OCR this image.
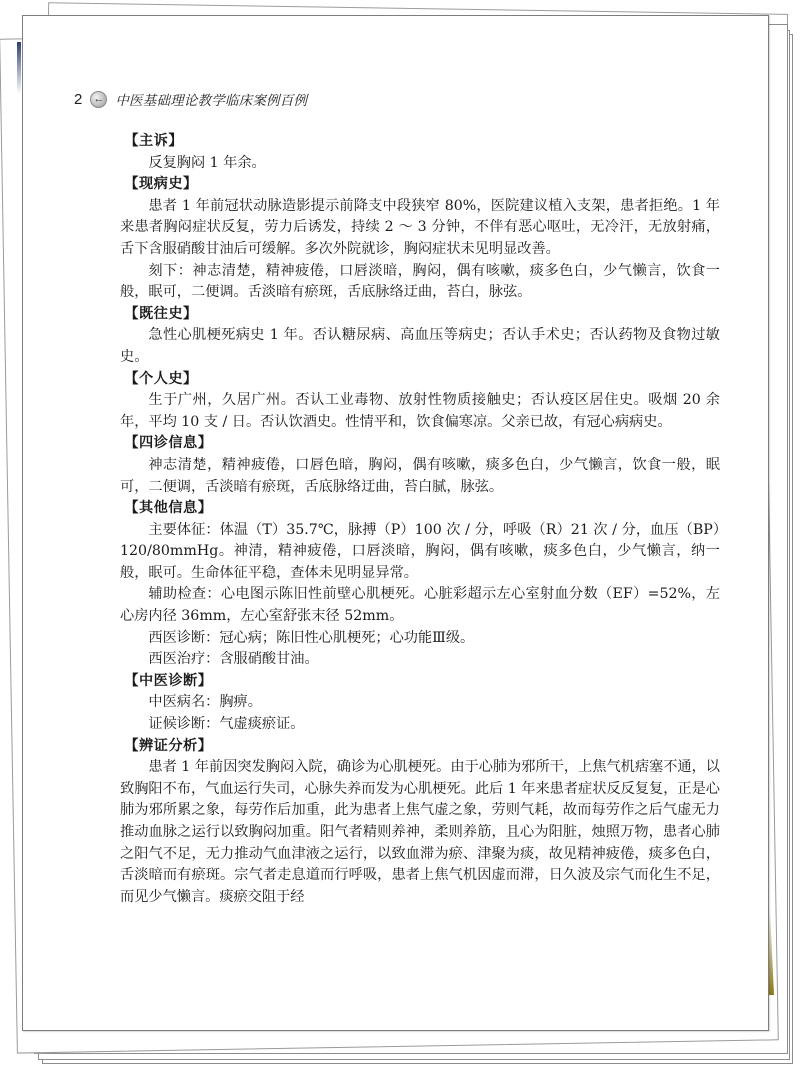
2 ← 中医基础理论教学临床案例百例
【主诉】

反复胸闷 1 年余。

【现病史】

患者 1 年前冠状动脉造影提示前降支中段狭窄 80%，医院建议植入支架，患者拒绝。1 年来患者胸闷症状反复，劳力后诱发，持续 2 ～ 3 分钟，不伴有恶心呕吐，无冷汗，无放射痛，舌下含服硝酸甘油后可缓解。多次外院就诊，胸闷症状未见明显改善。

刻下：神志清楚，精神疲倦，口唇淡暗，胸闷，偶有咳嗽，痰多色白，少气懒言，饮食一般，眠可，二便调。舌淡暗有瘀斑，舌底脉络迂曲，苔白，脉弦。

【既往史】

急性心肌梗死病史 1 年。否认糖尿病、高血压等病史；否认手术史；否认药物及食物过敏史。

【个人史】

生于广州，久居广州。否认工业毒物、放射性物质接触史；否认疫区居住史。吸烟 20 余年，平均 10 支 / 日。否认饮酒史。性情平和，饮食偏寒凉。父亲已故，有冠心病病史。

【四诊信息】

神志清楚，精神疲倦，口唇色暗，胸闷，偶有咳嗽，痰多色白，少气懒言，饮食一般，眠可，二便调，舌淡暗有瘀斑，舌底脉络迂曲，苔白腻，脉弦。

【其他信息】

主要体征：体温（T）35.7℃，脉搏（P）100 次 / 分，呼吸（R）21 次 / 分，血压（BP）120/80mmHg。神清，精神疲倦，口唇淡暗，胸闷，偶有咳嗽，痰多色白，少气懒言，纳一般，眠可。生命体征平稳，查体未见明显异常。

辅助检查：心电图示陈旧性前壁心肌梗死。心脏彩超示左心室射血分数（EF）=52%，左心房内径 36mm，左心室舒张末径 52mm。

西医诊断：冠心病；陈旧性心肌梗死；心功能Ⅲ级。

西医治疗：含服硝酸甘油。

【中医诊断】

中医病名：胸痹。

证候诊断：气虚痰瘀证。

【辨证分析】

患者 1 年前因突发胸闷入院，确诊为心肌梗死。由于心肺为邪所干，上焦气机痞塞不通，以致胸阳不布，气血运行失司，心脉失养而发为心肌梗死。此后 1 年来患者症状反反复复，正是心肺为邪所累之象，每劳作后加重，此为患者上焦气虚之象，劳则气耗，故而每劳作之后气虚无力推动血脉之运行以致胸闷加重。阳气者精则养神，柔则养筋，且心为阳脏，烛照万物，患者心肺之阳气不足，无力推动气血津液之运行，以致血滞为瘀、津聚为痰，故见精神疲倦，痰多色白，舌淡暗而有瘀斑。宗气者走息道而行呼吸，患者上焦气机因虚而滞，日久波及宗气而化生不足，而见少气懒言。痰瘀交阻于经
